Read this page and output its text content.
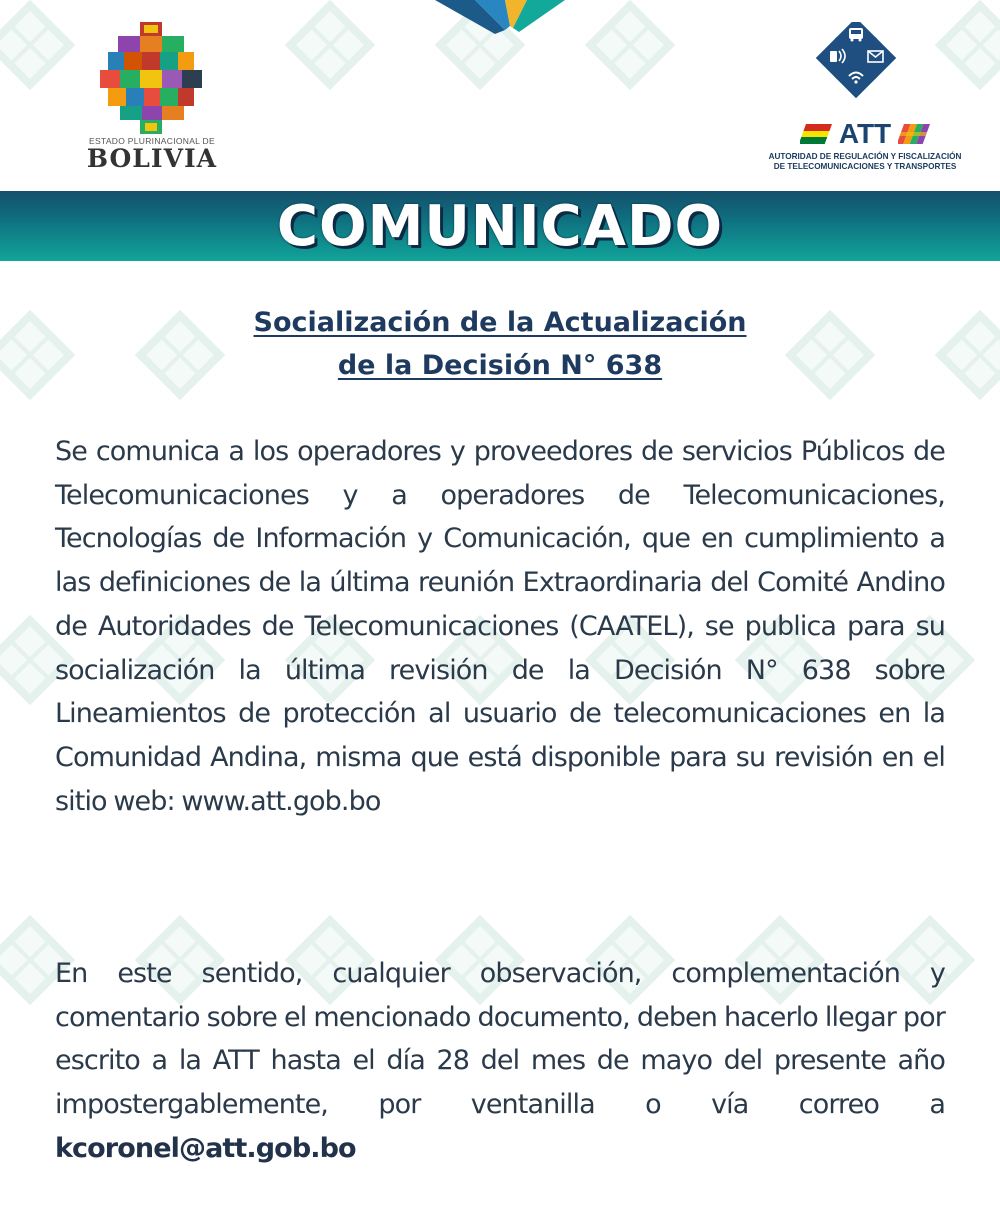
ESTADO PLURINACIONAL DE
BOLIVIA
ATT
AUTORIDAD DE REGULACIÓN Y FISCALIZACIÓN
DE TELECOMUNICACIONES Y TRANSPORTES
COMUNICADO
Socialización de la Actualización
de la Decisión N° 638

Se comunica a los operadores y proveedores de servicios Públicos de Telecomunicaciones y a operadores de Telecomunicaciones, Tecnologías de Información y Comunicación, que en cumplimiento a las definiciones de la última reunión Extraordinaria del Comité Andino de Autoridades de Telecomunicaciones (CAATEL), se publica para su socialización la última revisión de la Decisión N° 638 sobre Lineamientos de protección al usuario de telecomunicaciones en la Comunidad Andina, misma que está disponible para su revisión en el sitio web: www.att.gob.bo

En este sentido, cualquier observación, complementación y comentario sobre el mencionado documento, deben hacerlo llegar por escrito a la ATT hasta el día 28 del mes de mayo del presente año impostergablemente, por ventanilla o vía correo a kcoronel@att.gob.bo
